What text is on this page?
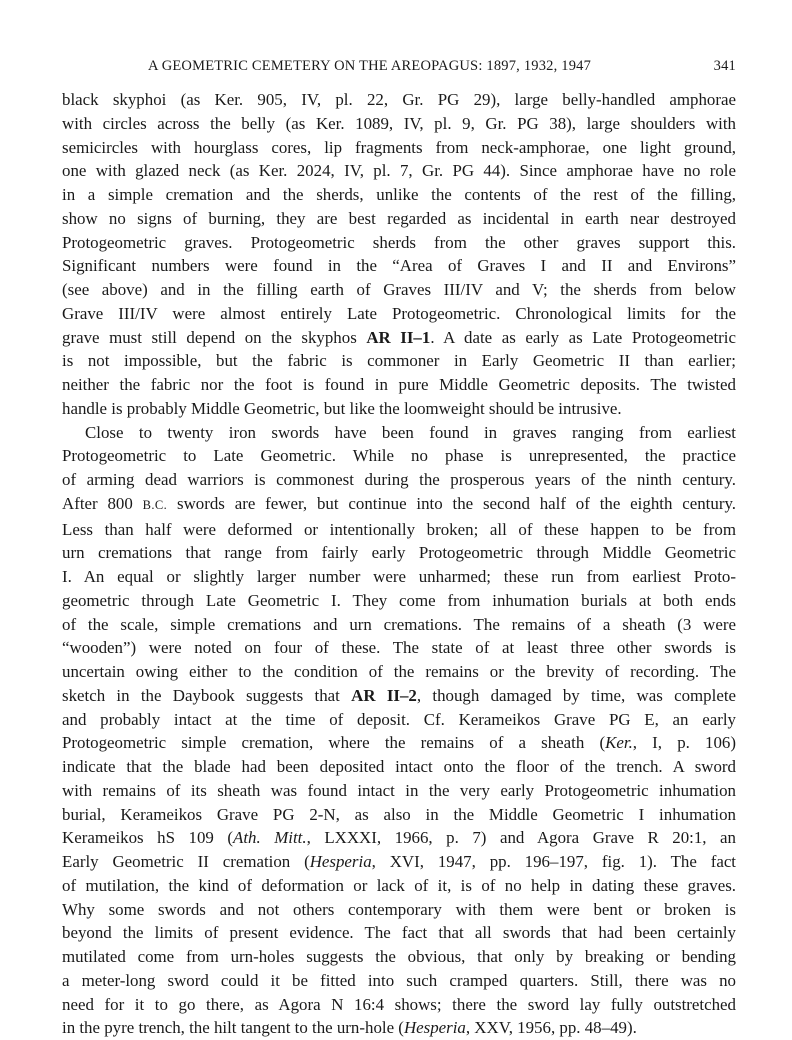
A GEOMETRIC CEMETERY ON THE AREOPAGUS: 1897, 1932, 1947	341
black skyphoi (as Ker. 905, IV, pl. 22, Gr. PG 29), large belly-handled amphorae
with circles across the belly (as Ker. 1089, IV, pl. 9, Gr. PG 38), large shoulders with
semicircles with hourglass cores, lip fragments from neck-amphorae, one light ground,
one with glazed neck (as Ker. 2024, IV, pl. 7, Gr. PG 44). Since amphorae have no role
in a simple cremation and the sherds, unlike the contents of the rest of the filling,
show no signs of burning, they are best regarded as incidental in earth near destroyed
Protogeometric graves. Protogeometric sherds from the other graves support this.
Significant numbers were found in the “Area of Graves I and II and Environs”
(see above) and in the filling earth of Graves III/IV and V; the sherds from below
Grave III/IV were almost entirely Late Protogeometric. Chronological limits for the
grave must still depend on the skyphos AR II–1. A date as early as Late Protogeometric
is not impossible, but the fabric is commoner in Early Geometric II than earlier;
neither the fabric nor the foot is found in pure Middle Geometric deposits. The twisted
handle is probably Middle Geometric, but like the loomweight should be intrusive.
Close to twenty iron swords have been found in graves ranging from earliest
Protogeometric to Late Geometric. While no phase is unrepresented, the practice
of arming dead warriors is commonest during the prosperous years of the ninth century.
After 800 B.C. swords are fewer, but continue into the second half of the eighth century.
Less than half were deformed or intentionally broken; all of these happen to be from
urn cremations that range from fairly early Protogeometric through Middle Geometric
I. An equal or slightly larger number were unharmed; these run from earliest Proto-
geometric through Late Geometric I. They come from inhumation burials at both ends
of the scale, simple cremations and urn cremations. The remains of a sheath (3 were
“wooden”) were noted on four of these. The state of at least three other swords is
uncertain owing either to the condition of the remains or the brevity of recording. The
sketch in the Daybook suggests that AR II–2, though damaged by time, was complete
and probably intact at the time of deposit. Cf. Kerameikos Grave PG E, an early
Protogeometric simple cremation, where the remains of a sheath (Ker., I, p. 106)
indicate that the blade had been deposited intact onto the floor of the trench. A sword
with remains of its sheath was found intact in the very early Protogeometric inhumation
burial, Kerameikos Grave PG 2-N, as also in the Middle Geometric I inhumation
Kerameikos hS 109 (Ath. Mitt., LXXXI, 1966, p. 7) and Agora Grave R 20:1, an
Early Geometric II cremation (Hesperia, XVI, 1947, pp. 196–197, fig. 1). The fact
of mutilation, the kind of deformation or lack of it, is of no help in dating these graves.
Why some swords and not others contemporary with them were bent or broken is
beyond the limits of present evidence. The fact that all swords that had been certainly
mutilated come from urn-holes suggests the obvious, that only by breaking or bending
a meter-long sword could it be fitted into such cramped quarters. Still, there was no
need for it to go there, as Agora N 16:4 shows; there the sword lay fully outstretched
in the pyre trench, the hilt tangent to the urn-hole (Hesperia, XXV, 1956, pp. 48–49).
